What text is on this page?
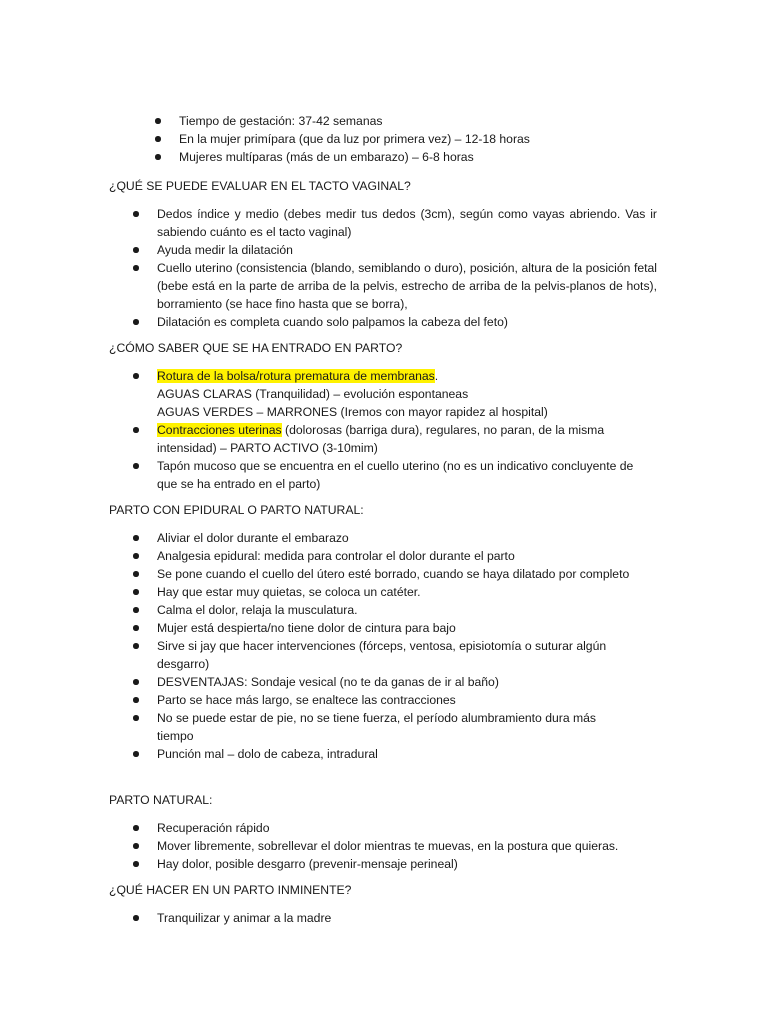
Tiempo de gestación: 37-42 semanas
En la mujer primípara (que da luz por primera vez) – 12-18 horas
Mujeres multíparas (más de un embarazo) – 6-8 horas
¿QUÉ SE PUEDE EVALUAR EN EL TACTO VAGINAL?
Dedos índice y medio (debes medir tus dedos (3cm), según como vayas abriendo. Vas ir sabiendo cuánto es el tacto vaginal)
Ayuda medir la dilatación
Cuello uterino (consistencia (blando, semiblando o duro), posición, altura de la posición fetal (bebe está en la parte de arriba de la pelvis, estrecho de arriba de la pelvis-planos de hots), borramiento (se hace fino hasta que se borra),
Dilatación es completa cuando solo palpamos la cabeza del feto)
¿CÓMO SABER QUE SE HA ENTRADO EN PARTO?
Rotura de la bolsa/rotura prematura de membranas.
AGUAS CLARAS (Tranquilidad) – evolución espontaneas
AGUAS VERDES – MARRONES (Iremos con mayor rapidez al hospital)
Contracciones uterinas (dolorosas (barriga dura), regulares, no paran, de la misma intensidad) – PARTO ACTIVO (3-10mim)
Tapón mucoso que se encuentra en el cuello uterino (no es un indicativo concluyente de que se ha entrado en el parto)
PARTO CON EPIDURAL O PARTO NATURAL:
Aliviar el dolor durante el embarazo
Analgesia epidural: medida para controlar el dolor durante el parto
Se pone cuando el cuello del útero esté borrado, cuando se haya dilatado por completo
Hay que estar muy quietas, se coloca un catéter.
Calma el dolor, relaja la musculatura.
Mujer está despierta/no tiene dolor de cintura para bajo
Sirve si jay que hacer intervenciones (fórceps, ventosa, episiotomía o suturar algún desgarro)
DESVENTAJAS: Sondaje vesical (no te da ganas de ir al baño)
Parto se hace más largo, se enaltece las contracciones
No se puede estar de pie, no se tiene fuerza, el período alumbramiento dura más tiempo
Punción mal – dolo de cabeza, intradural
PARTO NATURAL:
Recuperación rápido
Mover libremente, sobrellevar el dolor mientras te muevas, en la postura que quieras.
Hay dolor, posible desgarro (prevenir-mensaje perineal)
¿QUÉ HACER EN UN PARTO INMINENTE?
Tranquilizar y animar a la madre
